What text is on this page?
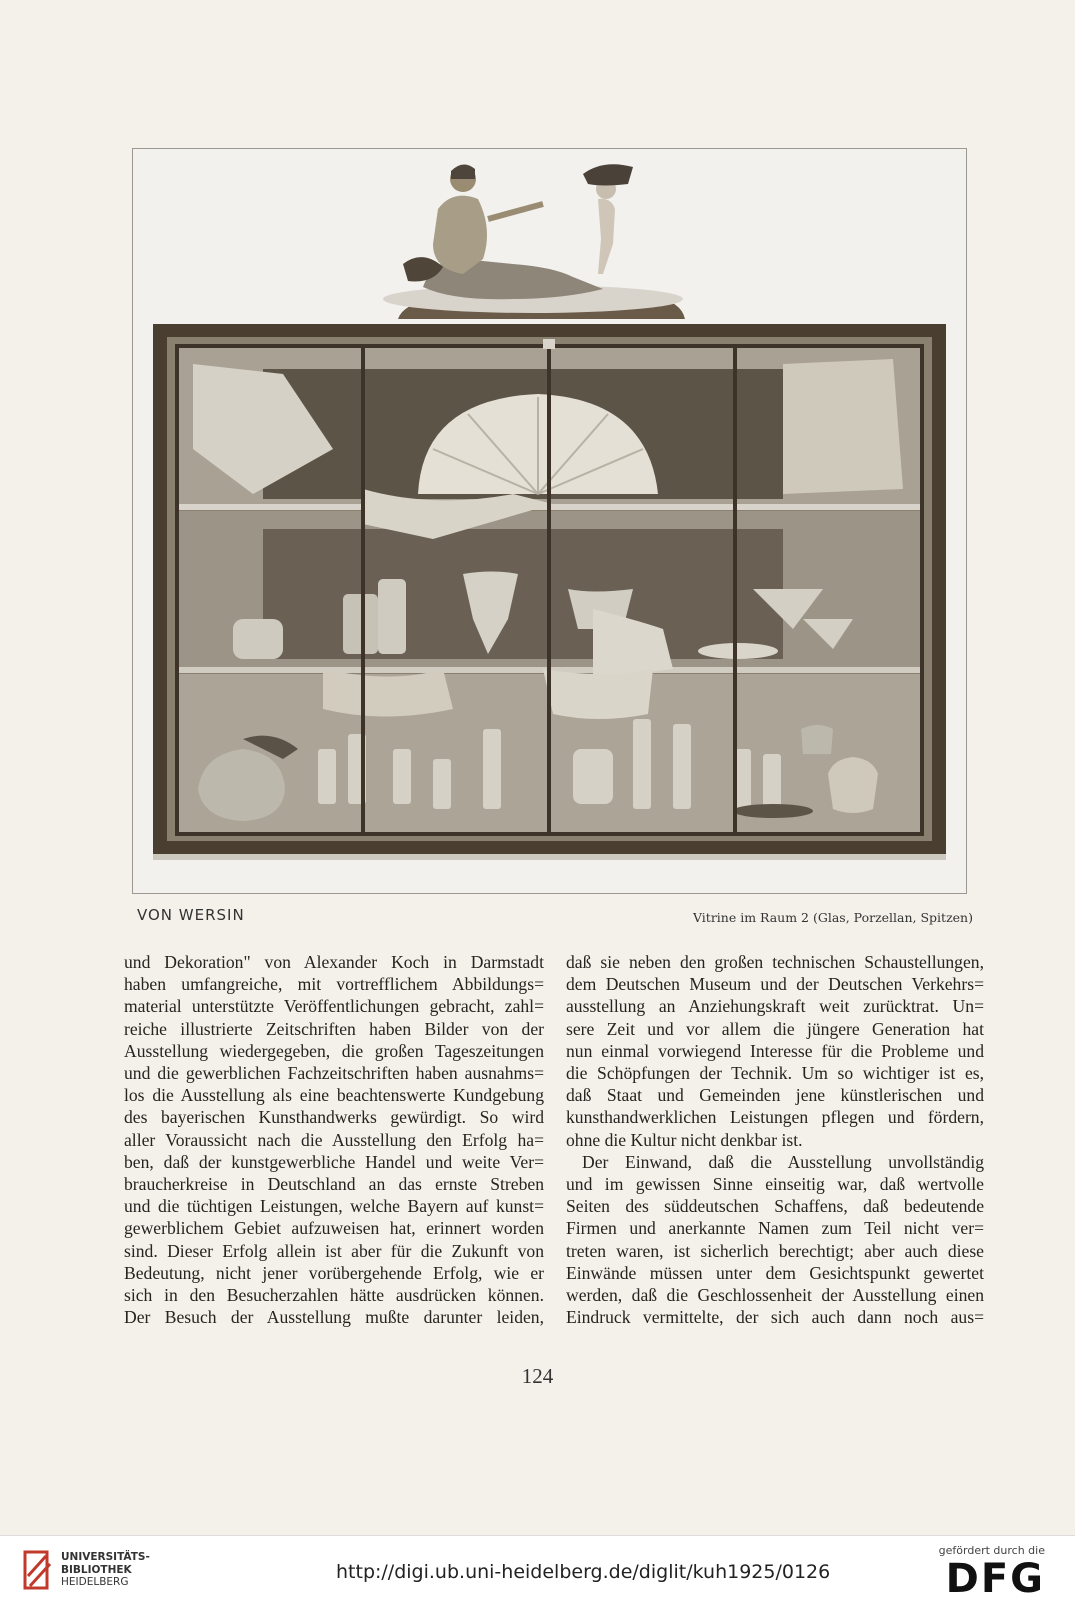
VON WERSIN	Vitrine im Raum 2 (Glas, Porzellan, Spitzen)
und Dekoration" von Alexander Koch in Darmstadt
haben umfangreiche, mit vortrefflichem Abbildungs=
material unterstützte Veröffentlichungen gebracht, zahl=
reiche illustrierte Zeitschriften haben Bilder von der
Ausstellung wiedergegeben, die großen Tageszeitungen
und die gewerblichen Fachzeitschriften haben ausnahms=
los die Ausstellung als eine beachtenswerte Kundgebung
des bayerischen Kunsthandwerks gewürdigt. So wird
aller Voraussicht nach die Ausstellung den Erfolg ha=
ben, daß der kunstgewerbliche Handel und weite Ver=
braucherkreise in Deutschland an das ernste Streben
und die tüchtigen Leistungen, welche Bayern auf kunst=
gewerblichem Gebiet aufzuweisen hat, erinnert worden
sind. Dieser Erfolg allein ist aber für die Zukunft von
Bedeutung, nicht jener vorübergehende Erfolg, wie er
sich in den Besucherzahlen hätte ausdrücken können.
Der Besuch der Ausstellung mußte darunter leiden,
daß sie neben den großen technischen Schaustellungen,
dem Deutschen Museum und der Deutschen Verkehrs=
ausstellung an Anziehungskraft weit zurücktrat. Un=
sere Zeit und vor allem die jüngere Generation hat
nun einmal vorwiegend Interesse für die Probleme und
die Schöpfungen der Technik. Um so wichtiger ist es,
daß Staat und Gemeinden jene künstlerischen und
kunsthandwerklichen Leistungen pflegen und fördern,
ohne die Kultur nicht denkbar ist.
Der Einwand, daß die Ausstellung unvollständig
und im gewissen Sinne einseitig war, daß wertvolle
Seiten des süddeutschen Schaffens, daß bedeutende
Firmen und anerkannte Namen zum Teil nicht ver=
treten waren, ist sicherlich berechtigt; aber auch diese
Einwände müssen unter dem Gesichtspunkt gewertet
werden, daß die Geschlossenheit der Ausstellung einen
Eindruck vermittelte, der sich auch dann noch aus=
124
UNIVERSITÄTS-
BIBLIOTHEK
HEIDELBERG	http://digi.ub.uni-heidelberg.de/diglit/kuh1925/0126
gefördert durch die
DFG
